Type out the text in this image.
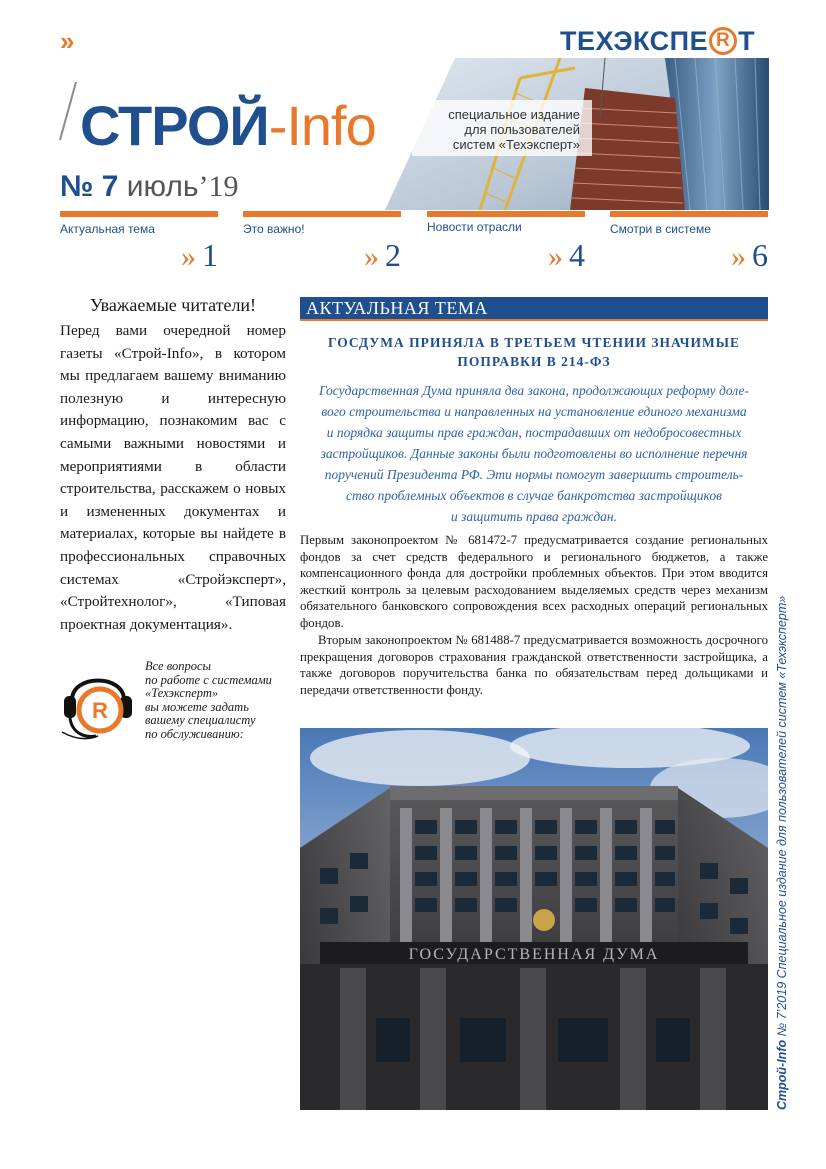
»	ТЕХЭКСПЕ R Т
СТРОЙ-Info	специальное издание
для пользователей
систем «Техэксперт»
№ 7 июль’19
Актуальная тема
» 1
Это важно!
» 2
Новости отрасли
» 4
Смотри в системе
» 6
Уважаемые читатели!
Перед вами очередной номер газеты «Строй-Info», в котором мы предлагаем вашему вниманию полезную и интересную информацию, познакомим вас с самыми важными новостями и мероприятиями в области строительства, расскажем о новых и измененных документах и материалах, которые вы найдете в профессиональных справочных системах «Стройэксперт», «Стройтехнолог», «Типовая проектная документация».
R
Все вопросы
по работе с системами
«Техэксперт»
вы можете задать
вашему специалисту
по обслуживанию:
АКТУАЛЬНАЯ ТЕМА
ГОСДУМА ПРИНЯЛА В ТРЕТЬЕМ ЧТЕНИИ ЗНАЧИМЫЕ
ПОПРАВКИ В 214-ФЗ
Государственная Дума приняла два закона, продолжающих реформу доле-
вого строительства и направленных на установление единого механизма
и порядка защиты прав граждан, пострадавших от недобросовестных
застройщиков. Данные законы были подготовлены во исполнение перечня
поручений Президента РФ. Эти нормы помогут завершить строитель-
ство проблемных объектов в случае банкротства застройщиков
и защитить права граждан.
Первым законопроектом № 681472-7 предусматривается создание региональных фондов за счет средств федерального и регионального бюджетов, а также компенсационного фонда для достройки проблемных объектов. При этом вводится жесткий контроль за целевым расходованием выделяемых средств через механизм обязательного банковского сопровождения всех расходных операций региональных фондов.
Вторым законопроектом № 681488-7 предусматривается возможность досрочного прекращения договоров страхования гражданской ответственности застройщика, а также договоров поручительства банка по обязательствам перед дольщиками и передачи ответственности фонду.
ГОСУДАРСТВЕННАЯ ДУМА
Строй-Info № 7’2019 Специальное издание для пользователей систем «Техэксперт»
